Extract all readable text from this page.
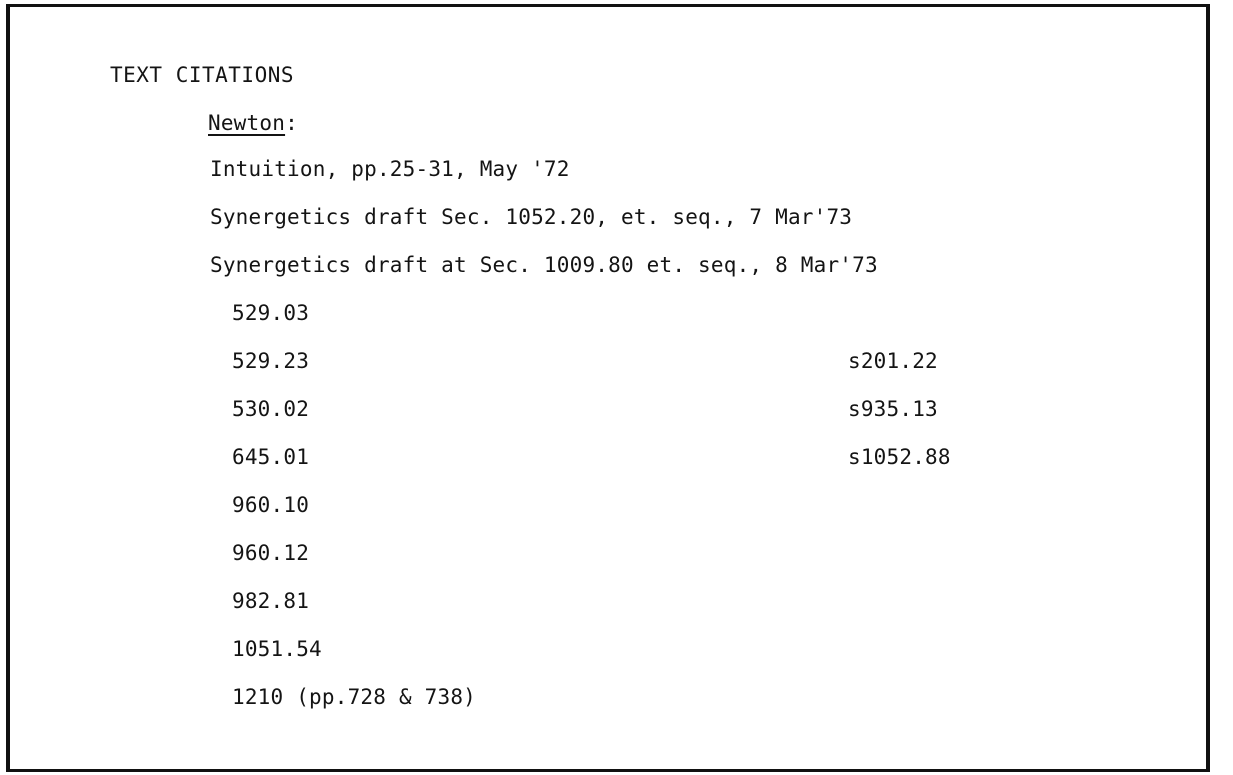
TEXT CITATIONS
Newton:
Intuition, pp.25-31, May '72
Synergetics draft Sec. 1052.20, et. seq., 7 Mar'73
Synergetics draft at Sec. 1009.80 et. seq., 8 Mar'73
529.03
529.23
530.02
645.01
960.10
960.12
982.81
1051.54
1210 (pp.728 & 738)
s201.22
s935.13
s1052.88
